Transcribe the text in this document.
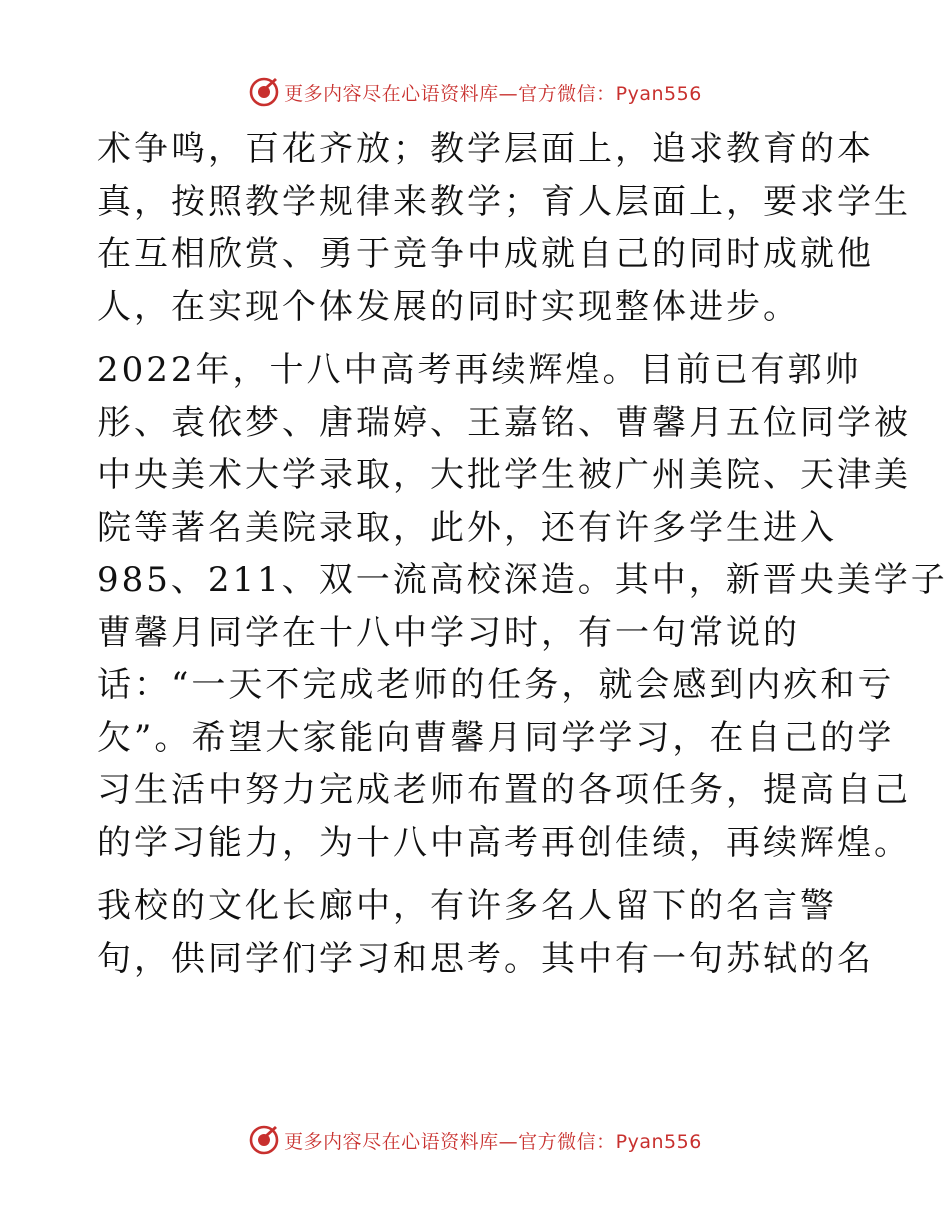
更多内容尽在心语资料库—官方微信：Pyan556

术争鸣，百花齐放；教学层面上，追求教育的本
真，按照教学规律来教学；育人层面上，要求学生
在互相欣赏、勇于竞争中成就自己的同时成就他
人，在实现个体发展的同时实现整体进步。

2022年，十八中高考再续辉煌。目前已有郭帅
彤、袁依梦、唐瑞婷、王嘉铭、曹馨月五位同学被
中央美术大学录取，大批学生被广州美院、天津美
院等著名美院录取，此外，还有许多学生进入
985、211、双一流高校深造。其中，新晋央美学子
曹馨月同学在十八中学习时，有一句常说的
话：“一天不完成老师的任务，就会感到内疚和亏
欠”。希望大家能向曹馨月同学学习，在自己的学
习生活中努力完成老师布置的各项任务，提高自己
的学习能力，为十八中高考再创佳绩，再续辉煌。

我校的文化长廊中，有许多名人留下的名言警
句，供同学们学习和思考。其中有一句苏轼的名

更多内容尽在心语资料库—官方微信：Pyan556
